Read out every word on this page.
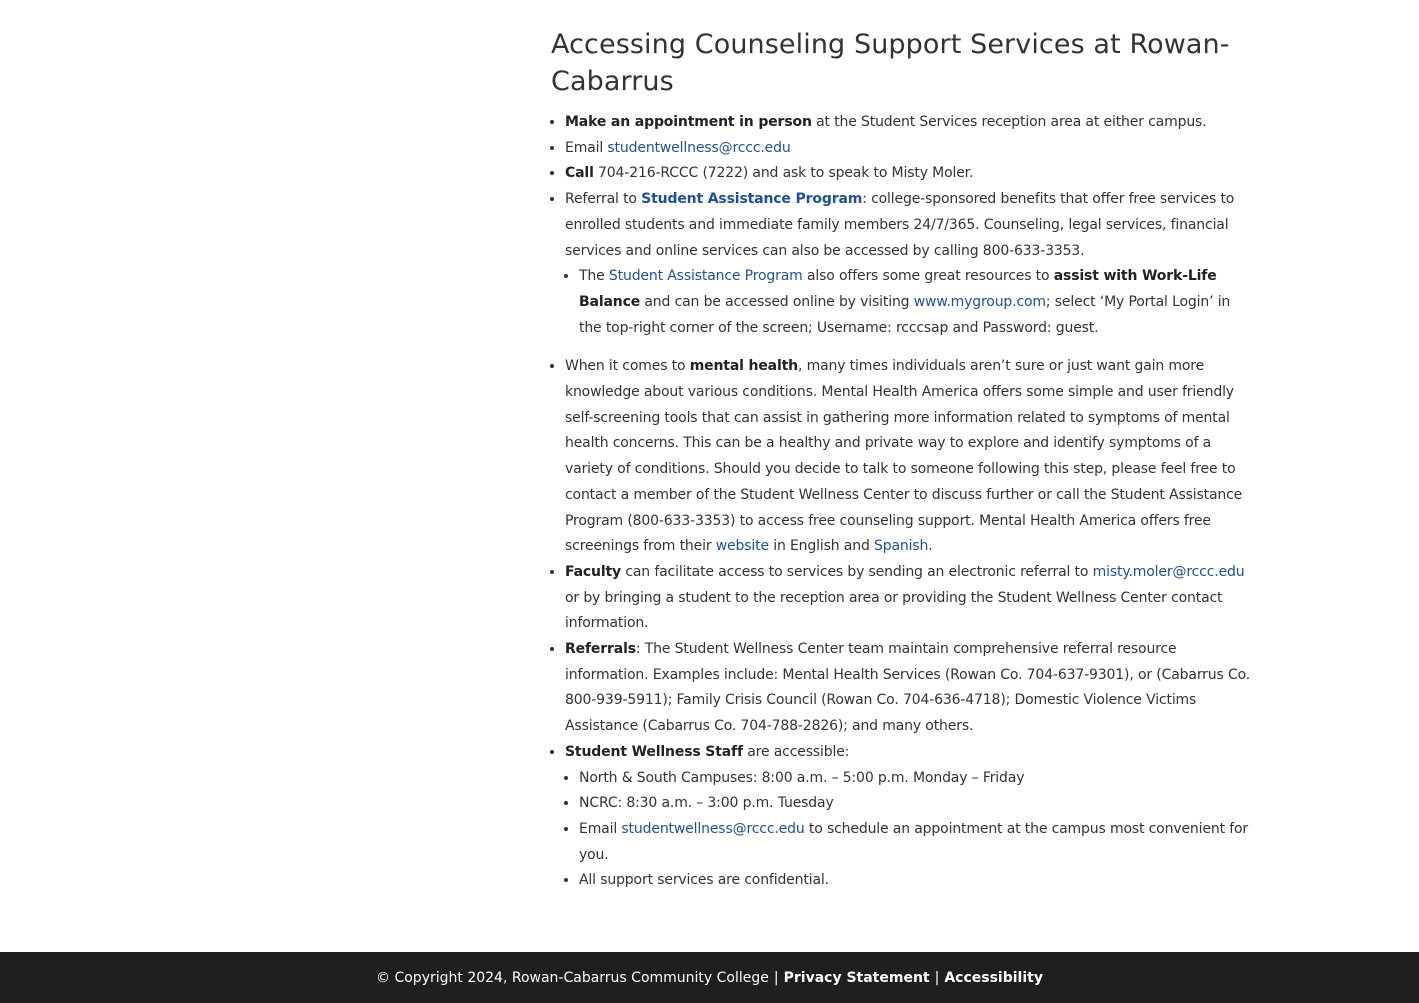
Accessing Counseling Support Services at Rowan-Cabarrus
• Make an appointment in person at the Student Services reception area at either campus.
• Email studentwellness@rccc.edu
• Call 704-216-RCCC (7222) and ask to speak to Misty Moler.
• Referral to Student Assistance Program: college-sponsored benefits that offer free services to enrolled students and immediate family members 24/7/365. Counseling, legal services, financial services and online services can also be accessed by calling 800-633-3353.
• The Student Assistance Program also offers some great resources to assist with Work-Life Balance and can be accessed online by visiting www.mygroup.com; select ‘My Portal Login’ in the top-right corner of the screen; Username: rcccsap and Password: guest.
• When it comes to mental health, many times individuals aren’t sure or just want gain more knowledge about various conditions. Mental Health America offers some simple and user friendly self-screening tools that can assist in gathering more information related to symptoms of mental health concerns. This can be a healthy and private way to explore and identify symptoms of a variety of conditions. Should you decide to talk to someone following this step, please feel free to contact a member of the Student Wellness Center to discuss further or call the Student Assistance Program (800-633-3353) to access free counseling support. Mental Health America offers free screenings from their website in English and Spanish.
• Faculty can facilitate access to services by sending an electronic referral to misty.moler@rccc.edu or by bringing a student to the reception area or providing the Student Wellness Center contact information.
• Referrals: The Student Wellness Center team maintain comprehensive referral resource information. Examples include: Mental Health Services (Rowan Co. 704-637-9301), or (Cabarrus Co. 800-939-5911); Family Crisis Council (Rowan Co. 704-636-4718); Domestic Violence Victims Assistance (Cabarrus Co. 704-788-2826); and many others.
• Student Wellness Staff are accessible:
• North & South Campuses: 8:00 a.m. – 5:00 p.m. Monday – Friday
• NCRC: 8:30 a.m. – 3:00 p.m. Tuesday
• Email studentwellness@rccc.edu to schedule an appointment at the campus most convenient for you.
• All support services are confidential.
© Copyright 2024, Rowan-Cabarrus Community College | Privacy Statement | Accessibility
